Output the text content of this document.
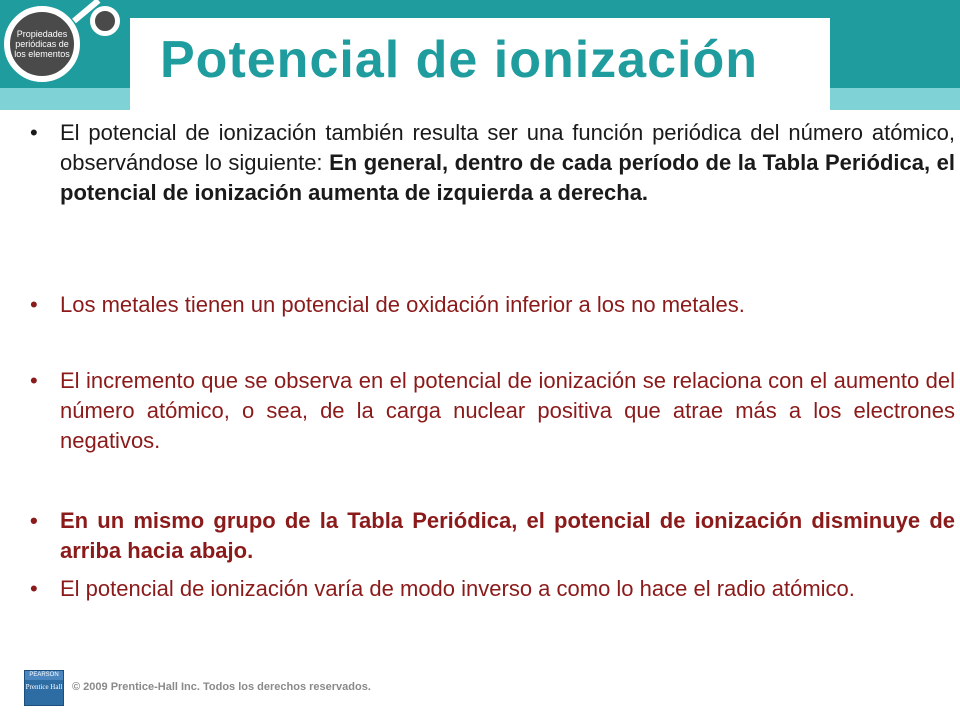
Propiedades periódicas de los elementos Potencial de ionización
• El potencial de ionización también resulta ser una función periódica del número atómico, observándose lo siguiente: En general, dentro de cada período de la Tabla Periódica, el potencial de ionización aumenta de izquierda a derecha.
• Los metales tienen un potencial de oxidación inferior a los no metales.
• El incremento que se observa en el potencial de ionización se relaciona con el aumento del número atómico, o sea, de la carga nuclear positiva que atrae más a los electrones negativos.
• En un mismo grupo de la Tabla Periódica, el potencial de ionización disminuye de arriba hacia abajo.
• El potencial de ionización varía de modo inverso a como lo hace el radio atómico.
PEARSON
Prentice Hall © 2009 Prentice-Hall Inc. Todos los derechos reservados.
